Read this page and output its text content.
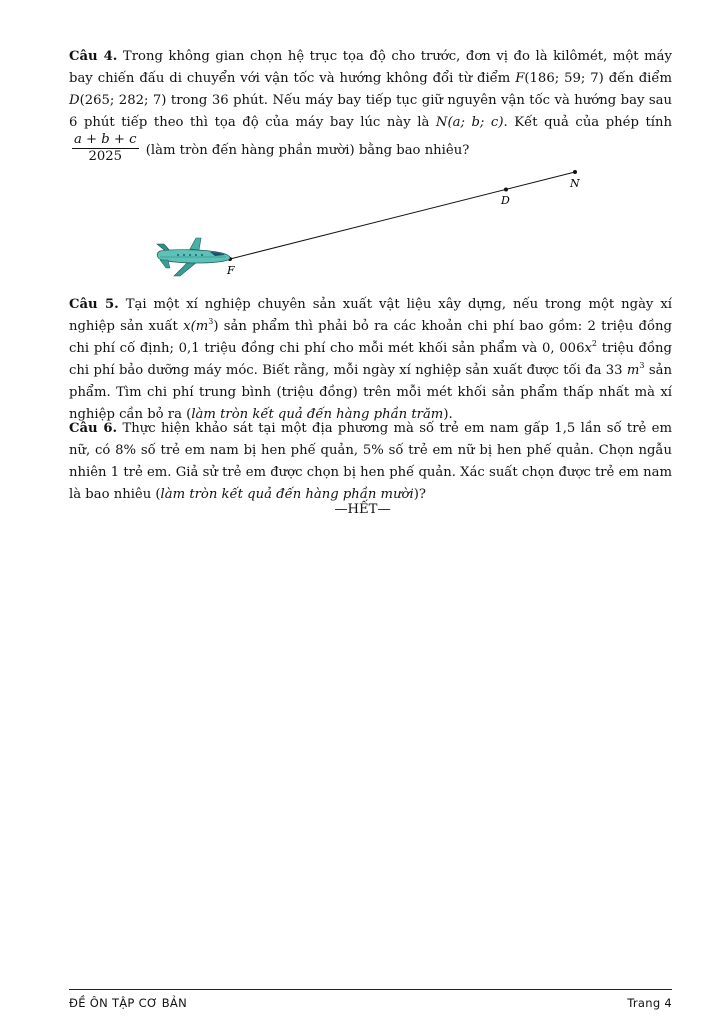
Câu 4. Trong không gian chọn hệ trục tọa độ cho trước, đơn vị đo là kilômét, một máy bay chiến đấu di chuyển với vận tốc và hướng không đổi từ điểm F(186; 59; 7) đến điểm D(265; 282; 7) trong 36 phút. Nếu máy bay tiếp tục giữ nguyên vận tốc và hướng bay sau 6 phút tiếp theo thì tọa độ của máy bay lúc này là N(a; b; c). Kết quả của phép tính
$\frac{a + b + c}{2025}$ (làm tròn đến hàng phần mười) bằng bao nhiêu?
F
D
N
Câu 5. Tại một xí nghiệp chuyên sản xuất vật liệu xây dựng, nếu trong một ngày xí nghiệp sản xuất $x(m^3)$ sản phẩm thì phải bỏ ra các khoản chi phí bao gồm: 2 triệu đồng chi phí cố định; 0,1 triệu đồng chi phí cho mỗi mét khối sản phẩm và 0, $006x^2$ triệu đồng chi phí bảo dưỡng máy móc. Biết rằng, mỗi ngày xí nghiệp sản xuất được tối đa 33 $m^3$ sản phẩm. Tìm chi phí trung bình (triệu đồng) trên mỗi mét khối sản phẩm thấp nhất mà xí nghiệp cần bỏ ra (làm tròn kết quả đến hàng phần trăm).
Câu 6. Thực hiện khảo sát tại một địa phương mà số trẻ em nam gấp 1,5 lần số trẻ em nữ, có 8% số trẻ em nam bị hen phế quản, 5% số trẻ em nữ bị hen phế quản. Chọn ngẫu nhiên 1 trẻ em. Giả sử trẻ em được chọn bị hen phế quản. Xác suất chọn được trẻ em nam là bao nhiêu (làm tròn kết quả đến hàng phần mười)?
—HẾT—
ĐỀ ÔN TẬP CƠ BẢN	Trang 4
